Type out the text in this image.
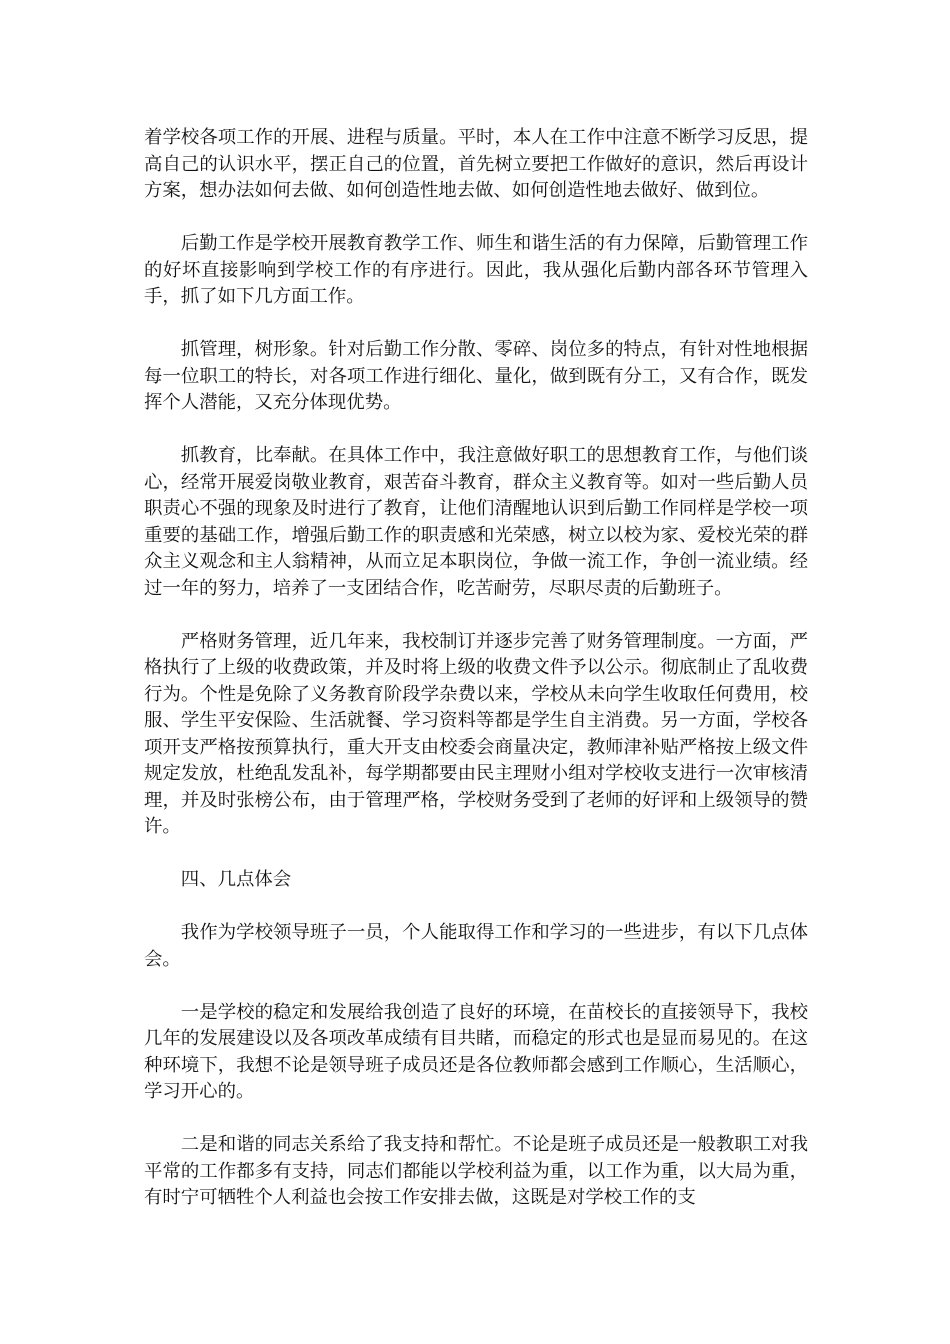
着学校各项工作的开展、进程与质量。平时，本人在工作中注意不断学习反思，提高自己的认识水平，摆正自己的位置，首先树立要把工作做好的意识，然后再设计方案，想办法如何去做、如何创造性地去做、如何创造性地去做好、做到位。

后勤工作是学校开展教育教学工作、师生和谐生活的有力保障，后勤管理工作的好坏直接影响到学校工作的有序进行。因此，我从强化后勤内部各环节管理入手，抓了如下几方面工作。

抓管理，树形象。针对后勤工作分散、零碎、岗位多的特点，有针对性地根据每一位职工的特长，对各项工作进行细化、量化，做到既有分工，又有合作，既发挥个人潜能，又充分体现优势。

抓教育，比奉献。在具体工作中，我注意做好职工的思想教育工作，与他们谈心，经常开展爱岗敬业教育，艰苦奋斗教育，群众主义教育等。如对一些后勤人员职责心不强的现象及时进行了教育，让他们清醒地认识到后勤工作同样是学校一项重要的基础工作，增强后勤工作的职责感和光荣感，树立以校为家、爱校光荣的群众主义观念和主人翁精神，从而立足本职岗位，争做一流工作，争创一流业绩。经过一年的努力，培养了一支团结合作，吃苦耐劳，尽职尽责的后勤班子。

严格财务管理，近几年来，我校制订并逐步完善了财务管理制度。一方面，严格执行了上级的收费政策，并及时将上级的收费文件予以公示。彻底制止了乱收费行为。个性是免除了义务教育阶段学杂费以来，学校从未向学生收取任何费用，校服、学生平安保险、生活就餐、学习资料等都是学生自主消费。另一方面，学校各项开支严格按预算执行，重大开支由校委会商量决定，教师津补贴严格按上级文件规定发放，杜绝乱发乱补，每学期都要由民主理财小组对学校收支进行一次审核清理，并及时张榜公布，由于管理严格，学校财务受到了老师的好评和上级领导的赞许。

四、几点体会

我作为学校领导班子一员，个人能取得工作和学习的一些进步，有以下几点体会。

一是学校的稳定和发展给我创造了良好的环境，在苗校长的直接领导下，我校几年的发展建设以及各项改革成绩有目共睹，而稳定的形式也是显而易见的。在这种环境下，我想不论是领导班子成员还是各位教师都会感到工作顺心，生活顺心，学习开心的。

二是和谐的同志关系给了我支持和帮忙。不论是班子成员还是一般教职工对我平常的工作都多有支持，同志们都能以学校利益为重，以工作为重，以大局为重，有时宁可牺牲个人利益也会按工作安排去做，这既是对学校工作的支
